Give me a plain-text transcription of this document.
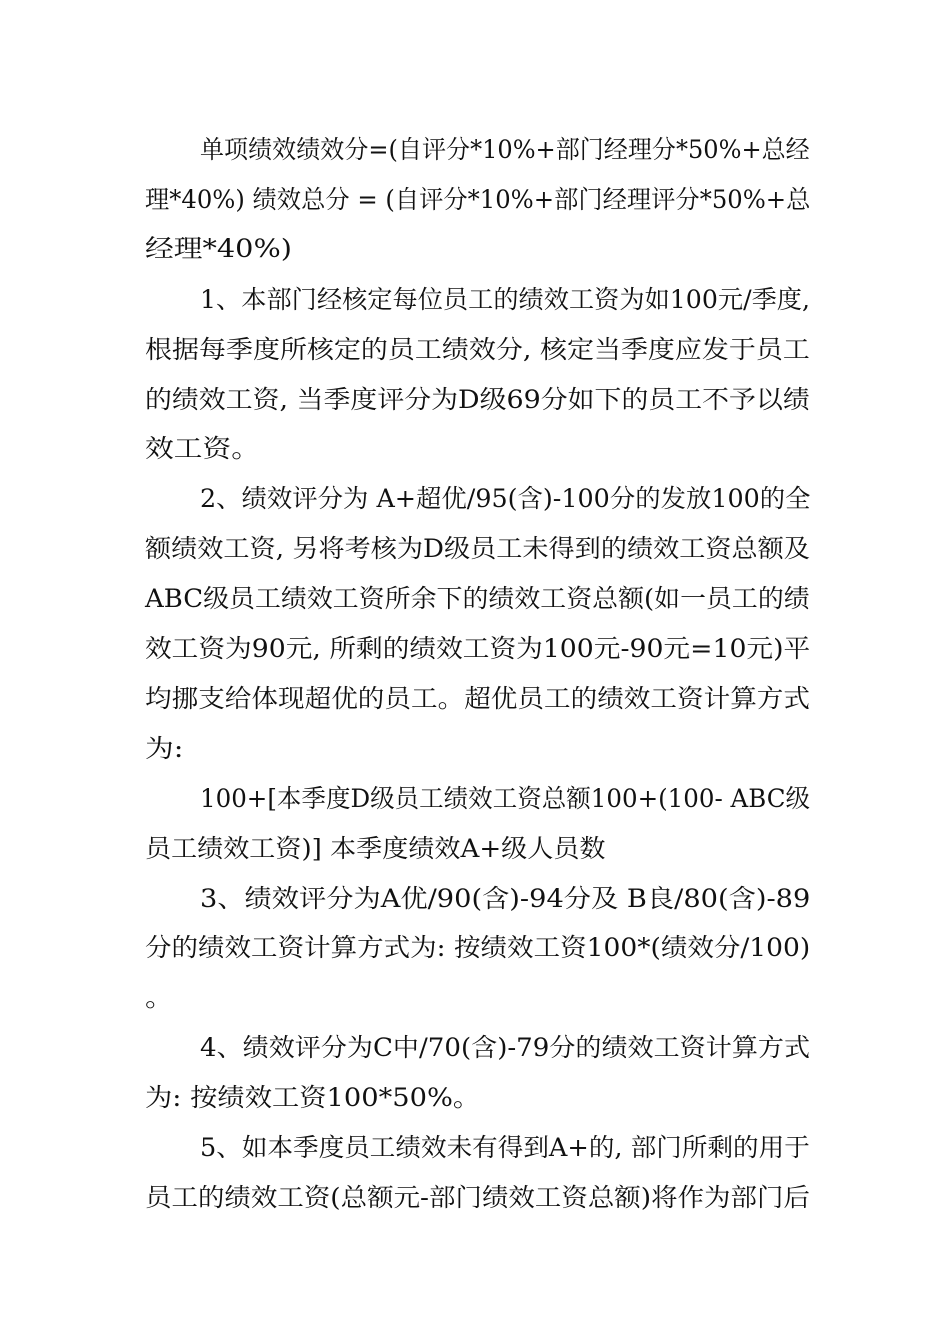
单项绩效绩效分=(自评分*10%+部门经理分*50%+总经
理*40%) 绩效总分 = (自评分*10%+部门经理评分*50%+总
经理*40%)
1、本部门经核定每位员工的绩效工资为如100元/季度,
根据每季度所核定的员工绩效分, 核定当季度应发于员工
的绩效工资, 当季度评分为D级69分如下的员工不予以绩
效工资。
2、绩效评分为 A+超优/95(含)-100分的发放100的全
额绩效工资, 另将考核为D级员工未得到的绩效工资总额及
ABC级员工绩效工资所余下的绩效工资总额(如一员工的绩
效工资为90元, 所剩的绩效工资为100元-90元=10元)平
均挪支给体现超优的员工。超优员工的绩效工资计算方式
为:
100+[本季度D级员工绩效工资总额100+(100- ABC级
员工绩效工资)] 本季度绩效A+级人员数
3、绩效评分为A优/90(含)-94分及 B良/80(含)-89
分的绩效工资计算方式为: 按绩效工资100*(绩效分/100)
。
4、绩效评分为C中/70(含)-79分的绩效工资计算方式
为: 按绩效工资100*50%。
5、如本季度员工绩效未有得到A+的, 部门所剩的用于
员工的绩效工资(总额元-部门绩效工资总额)将作为部门后
